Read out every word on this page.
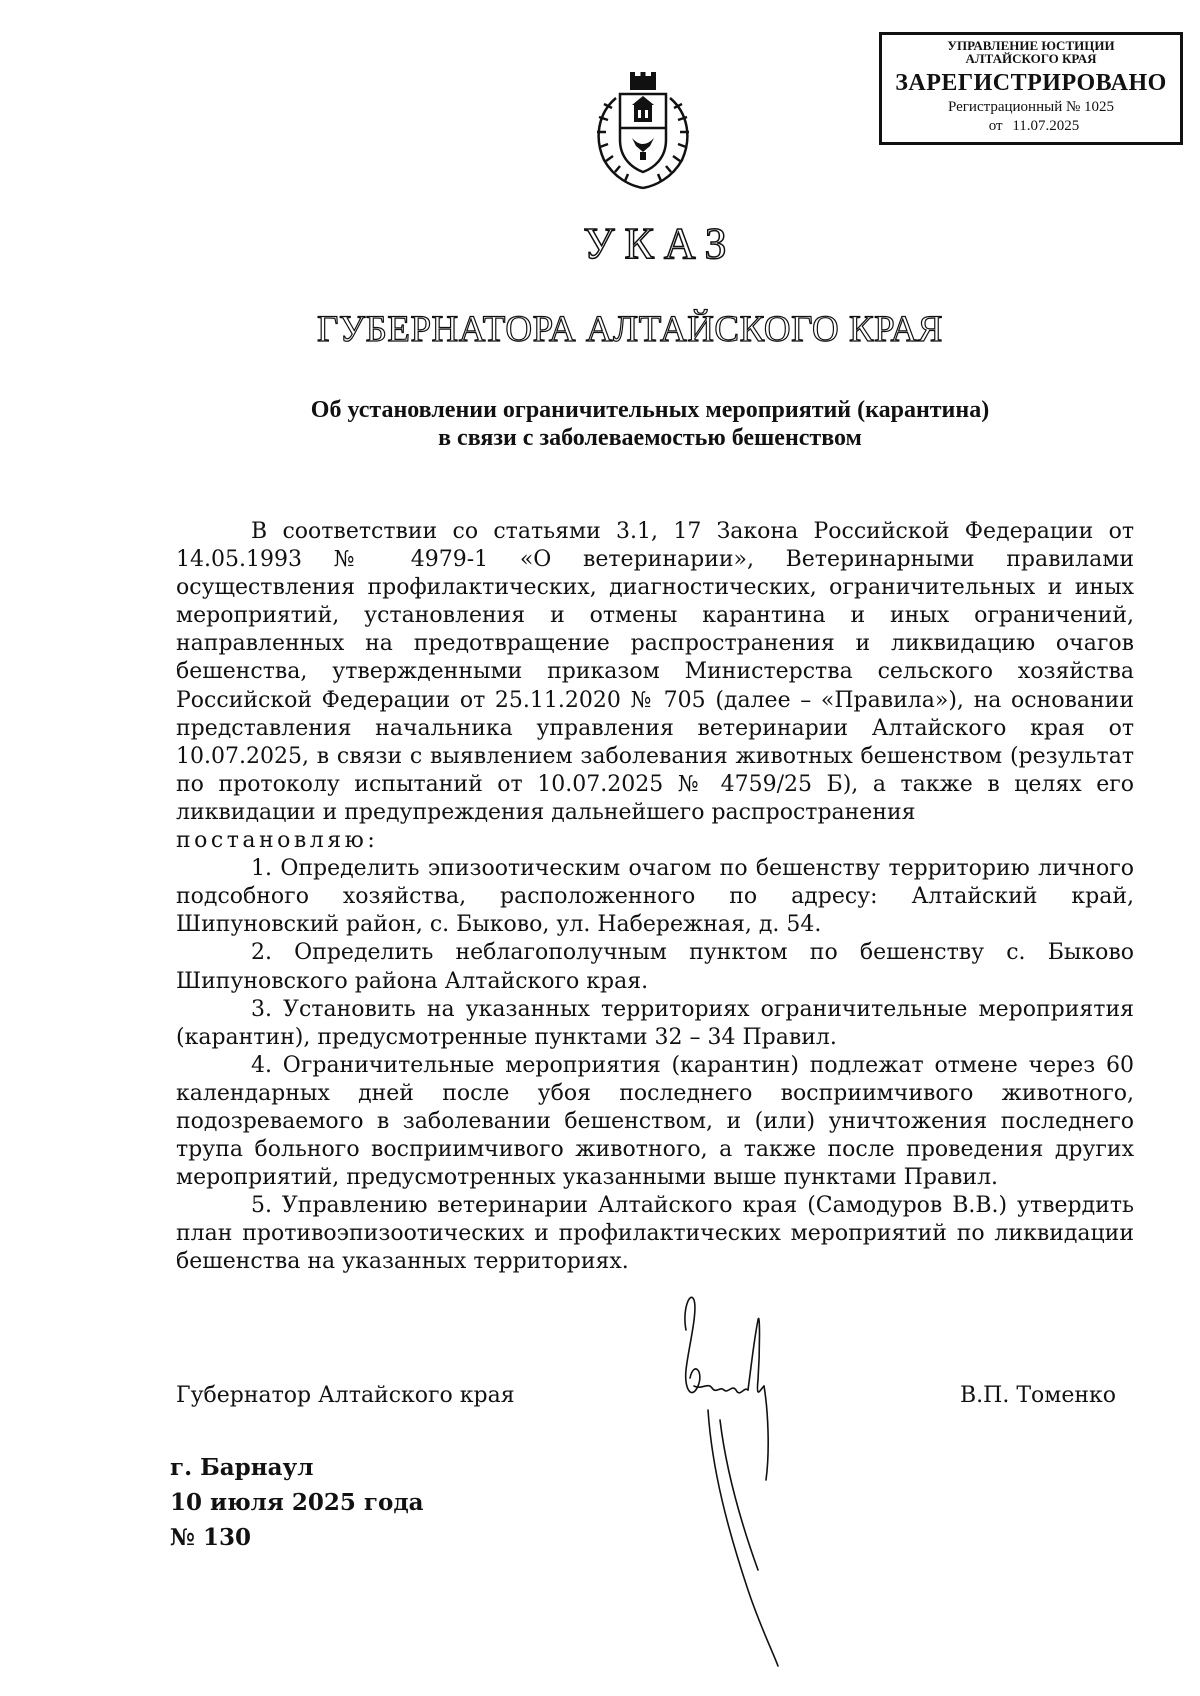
УПРАВЛЕНИЕ ЮСТИЦИИ
АЛТАЙСКОГО КРАЯ
ЗАРЕГИСТРИРОВАНО
Регистрационный № 1025
от 11.07.2025
УКАЗ
ГУБЕРНАТОРА АЛТАЙСКОГО КРАЯ
Об установлении ограничительных мероприятий (карантина)
в связи с заболеваемостью бешенством

В соответствии со статьями 3.1, 17 Закона Российской Федерации от 14.05.1993 № 4979-1 «О ветеринарии», Ветеринарными правилами осуществления профилактических, диагностических, ограничительных и иных мероприятий, установления и отмены карантина и иных ограничений, направленных на предотвращение распространения и ликвидацию очагов бешенства, утвержденными приказом Министерства сельского хозяйства Российской Федерации от 25.11.2020 № 705 (далее – «Правила»), на основании представления начальника управления ветеринарии Алтайского края от 10.07.2025, в связи с выявлением заболевания животных бешенством (результат по протоколу испытаний от 10.07.2025 № 4759/25 Б), а также в целях его ликвидации и предупреждения дальнейшего распространения

постановляю:

1. Определить эпизоотическим очагом по бешенству территорию личного подсобного хозяйства, расположенного по адресу: Алтайский край, Шипуновский район, с. Быково, ул. Набережная, д. 54.

2. Определить неблагополучным пунктом по бешенству с. Быково Шипуновского района Алтайского края.

3. Установить на указанных территориях ограничительные мероприятия (карантин), предусмотренные пунктами 32 – 34 Правил.

4. Ограничительные мероприятия (карантин) подлежат отмене через 60 календарных дней после убоя последнего восприимчивого животного, подозреваемого в заболевании бешенством, и (или) уничтожения последнего трупа больного восприимчивого животного, а также после проведения других мероприятий, предусмотренных указанными выше пунктами Правил.

5. Управлению ветеринарии Алтайского края (Самодуров В.В.) утвердить план противоэпизоотических и профилактических мероприятий по ликвидации бешенства на указанных территориях.

Губернатор Алтайского края	В.П. Томенко
г. Барнаул
10 июля 2025 года
№ 130
